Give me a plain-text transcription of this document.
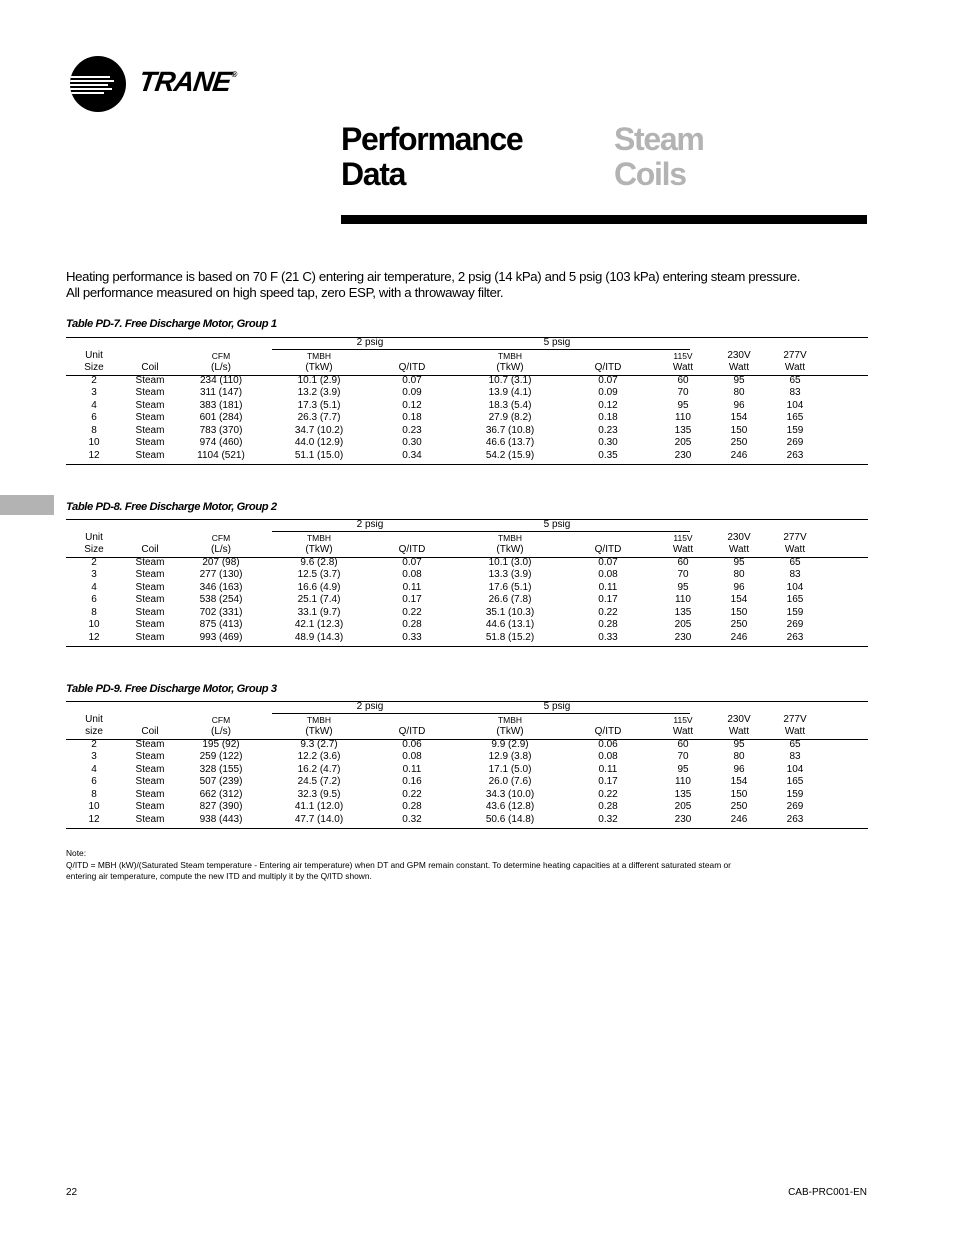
TRANE®
Performance
Data
Steam
Coils
Heating performance is based on 70 F (21 C) entering air temperature, 2 psig (14 kPa) and 5 psig (103 kPa) entering steam pressure.
All performance measured on high speed tap, zero ESP, with a throwaway filter.
Table PD-7. Free Discharge Motor, Group 1
2 psig	5 psig
Unit	CFM	TMBH	TMBH	115V	230V	277V
Size	Coil	(L/s)	(TkW)	Q/ITD	(TkW)	Q/ITD	Watt	Watt	Watt
2	Steam	234 (110)	10.1 (2.9)	0.07	10.7 (3.1)	0.07	60	95	65
3	Steam	311 (147)	13.2 (3.9)	0.09	13.9 (4.1)	0.09	70	80	83
4	Steam	383 (181)	17.3 (5.1)	0.12	18.3 (5.4)	0.12	95	96	104
6	Steam	601 (284)	26.3 (7.7)	0.18	27.9 (8.2)	0.18	110	154	165
8	Steam	783 (370)	34.7 (10.2)	0.23	36.7 (10.8)	0.23	135	150	159
10	Steam	974 (460)	44.0 (12.9)	0.30	46.6 (13.7)	0.30	205	250	269
12	Steam	1104 (521)	51.1 (15.0)	0.34	54.2 (15.9)	0.35	230	246	263
Table PD-8. Free Discharge Motor, Group 2
2 psig	5 psig
Unit	CFM	TMBH	TMBH	115V	230V	277V
Size	Coil	(L/s)	(TkW)	Q/ITD	(TkW)	Q/ITD	Watt	Watt	Watt
2	Steam	207 (98)	9.6 (2.8)	0.07	10.1 (3.0)	0.07	60	95	65
3	Steam	277 (130)	12.5 (3.7)	0.08	13.3 (3.9)	0.08	70	80	83
4	Steam	346 (163)	16.6 (4.9)	0.11	17.6 (5.1)	0.11	95	96	104
6	Steam	538 (254)	25.1 (7.4)	0.17	26.6 (7.8)	0.17	110	154	165
8	Steam	702 (331)	33.1 (9.7)	0.22	35.1 (10.3)	0.22	135	150	159
10	Steam	875 (413)	42.1 (12.3)	0.28	44.6 (13.1)	0.28	205	250	269
12	Steam	993 (469)	48.9 (14.3)	0.33	51.8 (15.2)	0.33	230	246	263
Table PD-9. Free Discharge Motor, Group 3
2 psig	5 psig
Unit	CFM	TMBH	TMBH	115V	230V	277V
size	Coil	(L/s)	(TkW)	Q/ITD	(TkW)	Q/ITD	Watt	Watt	Watt
2	Steam	195 (92)	9.3 (2.7)	0.06	9.9 (2.9)	0.06	60	95	65
3	Steam	259 (122)	12.2 (3.6)	0.08	12.9 (3.8)	0.08	70	80	83
4	Steam	328 (155)	16.2 (4.7)	0.11	17.1 (5.0)	0.11	95	96	104
6	Steam	507 (239)	24.5 (7.2)	0.16	26.0 (7.6)	0.17	110	154	165
8	Steam	662 (312)	32.3 (9.5)	0.22	34.3 (10.0)	0.22	135	150	159
10	Steam	827 (390)	41.1 (12.0)	0.28	43.6 (12.8)	0.28	205	250	269
12	Steam	938 (443)	47.7 (14.0)	0.32	50.6 (14.8)	0.32	230	246	263
Note:
Q/ITD = MBH (kW)/(Saturated Steam temperature - Entering air temperature) when DT and GPM remain constant. To determine heating capacities at a different saturated steam or
entering air temperature, compute the new ITD and multiply it by the Q/ITD shown.
22	CAB-PRC001-EN
